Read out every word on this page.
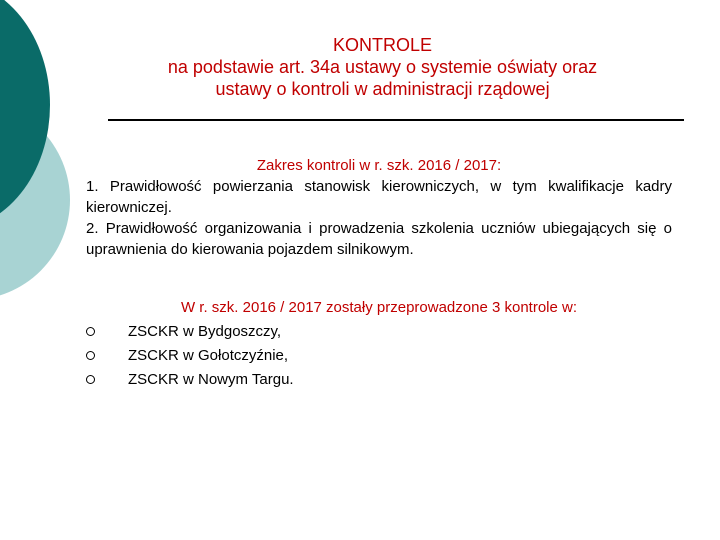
KONTROLE
na podstawie art. 34a ustawy o systemie oświaty oraz
ustawy o kontroli w administracji rządowej
Zakres kontroli w r. szk. 2016 / 2017:
1. Prawidłowość powierzania stanowisk kierowniczych, w tym kwalifikacje kadry kierowniczej.
2. Prawidłowość organizowania i prowadzenia szkolenia uczniów ubiegających się o uprawnienia do kierowania pojazdem silnikowym.
W r. szk. 2016 / 2017 zostały przeprowadzone 3 kontrole w:
ZSCKR w Bydgoszczy,
ZSCKR w Gołotczyźnie,
ZSCKR w Nowym Targu.
